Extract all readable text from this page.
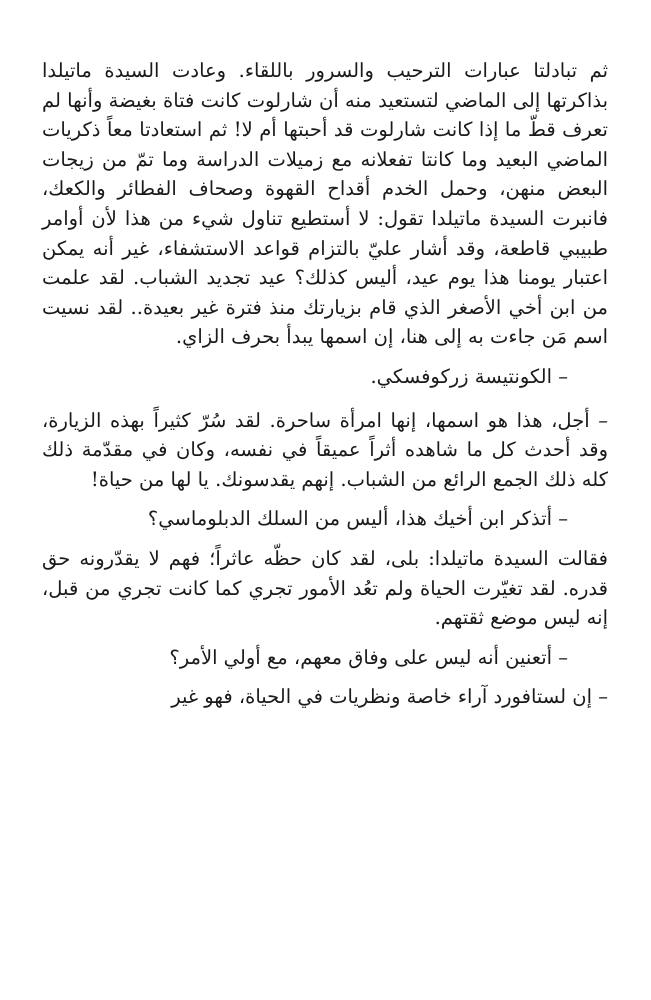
ثم تبادلتا عبارات الترحيب والسرور باللقاء. وعادت السيدة ماتيلدا بذاكرتها إلى الماضي لتستعيد منه أن شارلوت كانت فتاة بغيضة وأنها لم تعرف قطّ ما إذا كانت شارلوت قد أحبتها أم لا! ثم استعادتا معاً ذكريات الماضي البعيد وما كانتا تفعلانه مع زميلات الدراسة وما تمّ من زيجات البعض منهن، وحمل الخدم أقداح القهوة وصحاف الفطائر والكعك، فانبرت السيدة ماتيلدا تقول: لا أستطيع تناول شيء من هذا لأن أوامر طبيبي قاطعة، وقد أشار عليّ بالتزام قواعد الاستشفاء، غير أنه يمكن اعتبار يومنا هذا يوم عيد، أليس كذلك؟ عيد تجديد الشباب. لقد علمت من ابن أخي الأصغر الذي قام بزيارتك منذ فترة غير بعيدة.. لقد نسيت اسم مَن جاءت به إلى هنا، إن اسمها يبدأ بحرف الزاي.

– الكونتيسة زركوفسكي.

– أجل، هذا هو اسمها، إنها امرأة ساحرة. لقد سُرّ كثيراً بهذه الزيارة، وقد أحدث كل ما شاهده أثراً عميقاً في نفسه، وكان في مقدّمة ذلك كله ذلك الجمع الرائع من الشباب. إنهم يقدسونك. يا لها من حياة!

– أتذكر ابن أخيك هذا، أليس من السلك الدبلوماسي؟

فقالت السيدة ماتيلدا: بلى، لقد كان حظّه عاثراً؛ فهم لا يقدّرونه حق قدره. لقد تغيّرت الحياة ولم تعُد الأمور تجري كما كانت تجري من قبل، إنه ليس موضع ثقتهم.

– أتعنين أنه ليس على وفاق معهم، مع أولي الأمر؟

– إن لستافورد آراء خاصة ونظريات في الحياة، فهو غير
